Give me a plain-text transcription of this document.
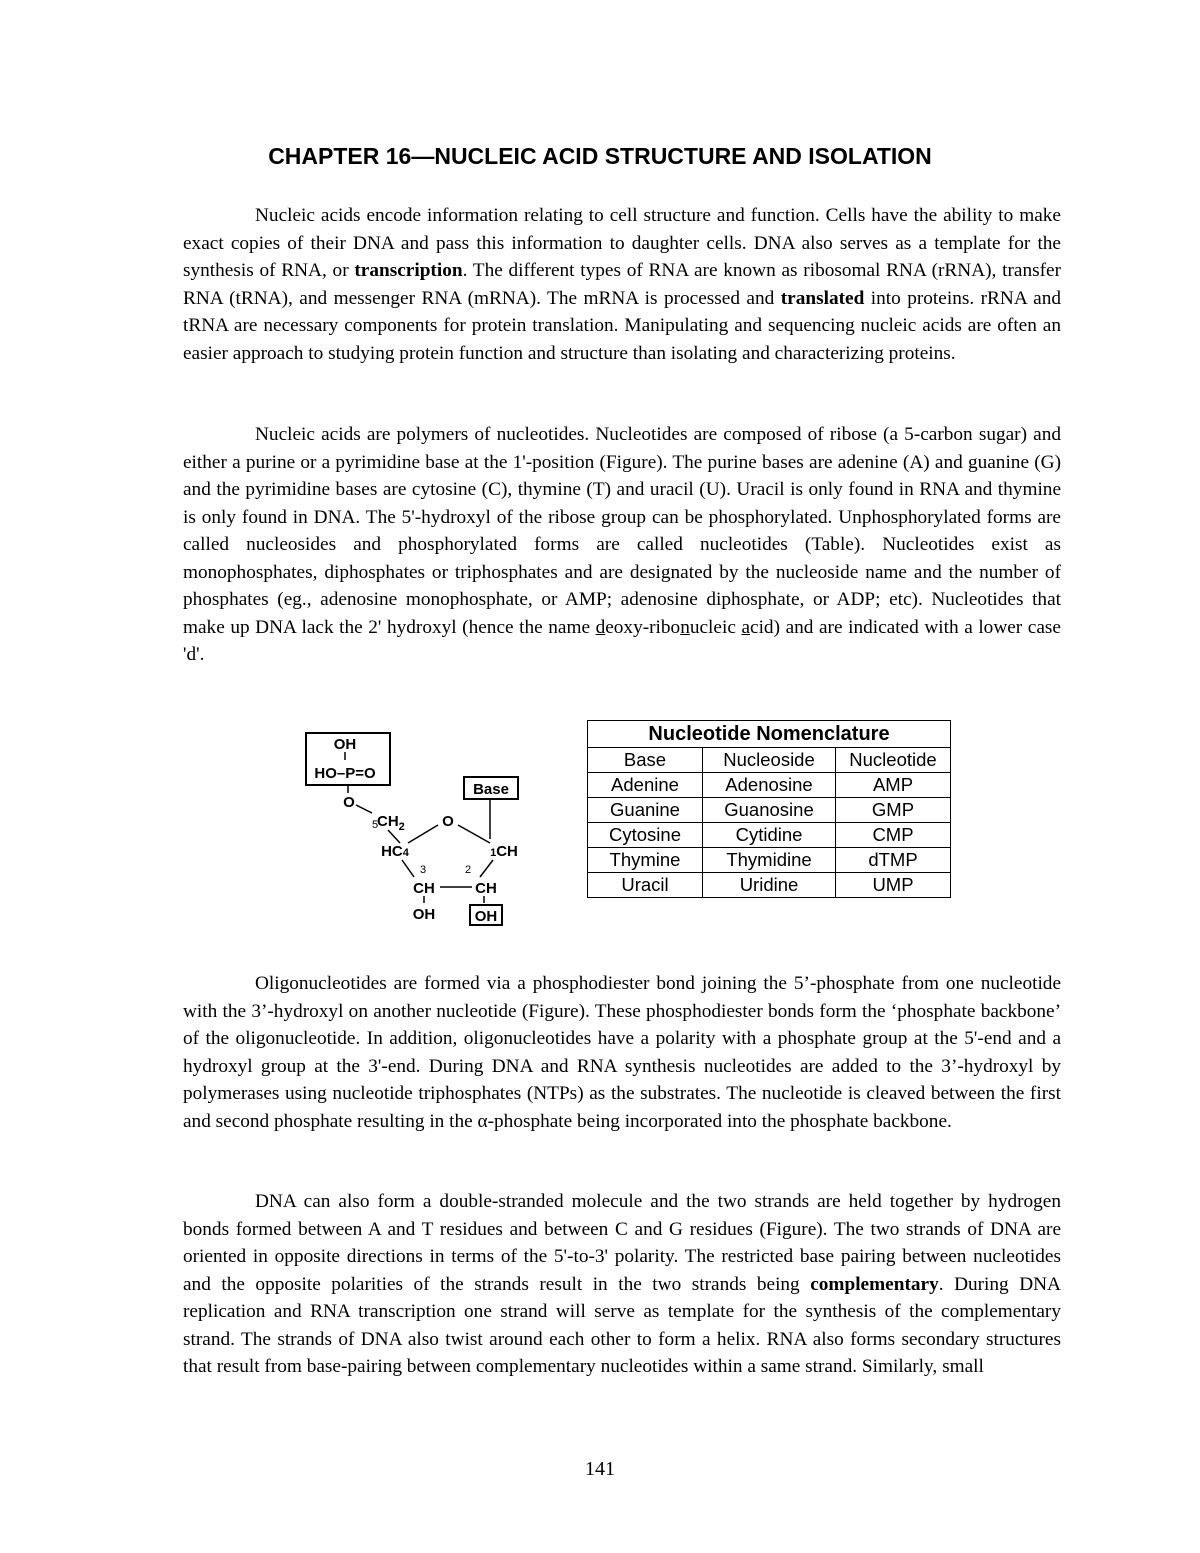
CHAPTER 16—NUCLEIC ACID STRUCTURE AND ISOLATION

Nucleic acids encode information relating to cell structure and function. Cells have the ability to make exact copies of their DNA and pass this information to daughter cells. DNA also serves as a template for the synthesis of RNA, or transcription. The different types of RNA are known as ribosomal RNA (rRNA), transfer RNA (tRNA), and messenger RNA (mRNA). The mRNA is processed and translated into proteins. rRNA and tRNA are necessary components for protein translation. Manipulating and sequencing nucleic acids are often an easier approach to studying protein function and structure than isolating and characterizing proteins.

Nucleic acids are polymers of nucleotides. Nucleotides are composed of ribose (a 5-carbon sugar) and either a purine or a pyrimidine base at the 1'-position (Figure). The purine bases are adenine (A) and guanine (G) and the pyrimidine bases are cytosine (C), thymine (T) and uracil (U). Uracil is only found in RNA and thymine is only found in DNA. The 5'-hydroxyl of the ribose group can be phosphorylated. Unphosphorylated forms are called nucleosides and phosphorylated forms are called nucleotides (Table). Nucleotides exist as monophosphates, diphosphates or triphosphates and are designated by the nucleoside name and the number of phosphates (eg., adenosine monophosphate, or AMP; adenosine diphosphate, or ADP; etc). Nucleotides that make up DNA lack the 2' hydroxyl (hence the name deoxy-ribonucleic acid) and are indicated with a lower case 'd'.

OH
HO–P=O
O
$CH_2$
5	O
HC4	1CH
Base
3	2
CH	CH
OH	OH
Nucleotide Nomenclature		
Base	Nucleoside	Nucleotide
Adenine	Adenosine	AMP
Guanine	Guanosine	GMP
Cytosine	Cytidine	CMP
Thymine	Thymidine	dTMP
Uracil	Uridine	UMP

Oligonucleotides are formed via a phosphodiester bond joining the 5’-phosphate from one nucleotide with the 3’-hydroxyl on another nucleotide (Figure). These phosphodiester bonds form the ‘phosphate backbone’ of the oligonucleotide. In addition, oligonucleotides have a polarity with a phosphate group at the 5'-end and a hydroxyl group at the 3'-end. During DNA and RNA synthesis nucleotides are added to the 3’-hydroxyl by polymerases using nucleotide triphosphates (NTPs) as the substrates. The nucleotide is cleaved between the first and second phosphate resulting in the α-phosphate being incorporated into the phosphate backbone.

DNA can also form a double-stranded molecule and the two strands are held together by hydrogen bonds formed between A and T residues and between C and G residues (Figure). The two strands of DNA are oriented in opposite directions in terms of the 5'-to-3' polarity. The restricted base pairing between nucleotides and the opposite polarities of the strands result in the two strands being complementary. During DNA replication and RNA transcription one strand will serve as template for the synthesis of the complementary strand. The strands of DNA also twist around each other to form a helix. RNA also forms secondary structures that result from base-pairing between complementary nucleotides within a same strand. Similarly, small

141
